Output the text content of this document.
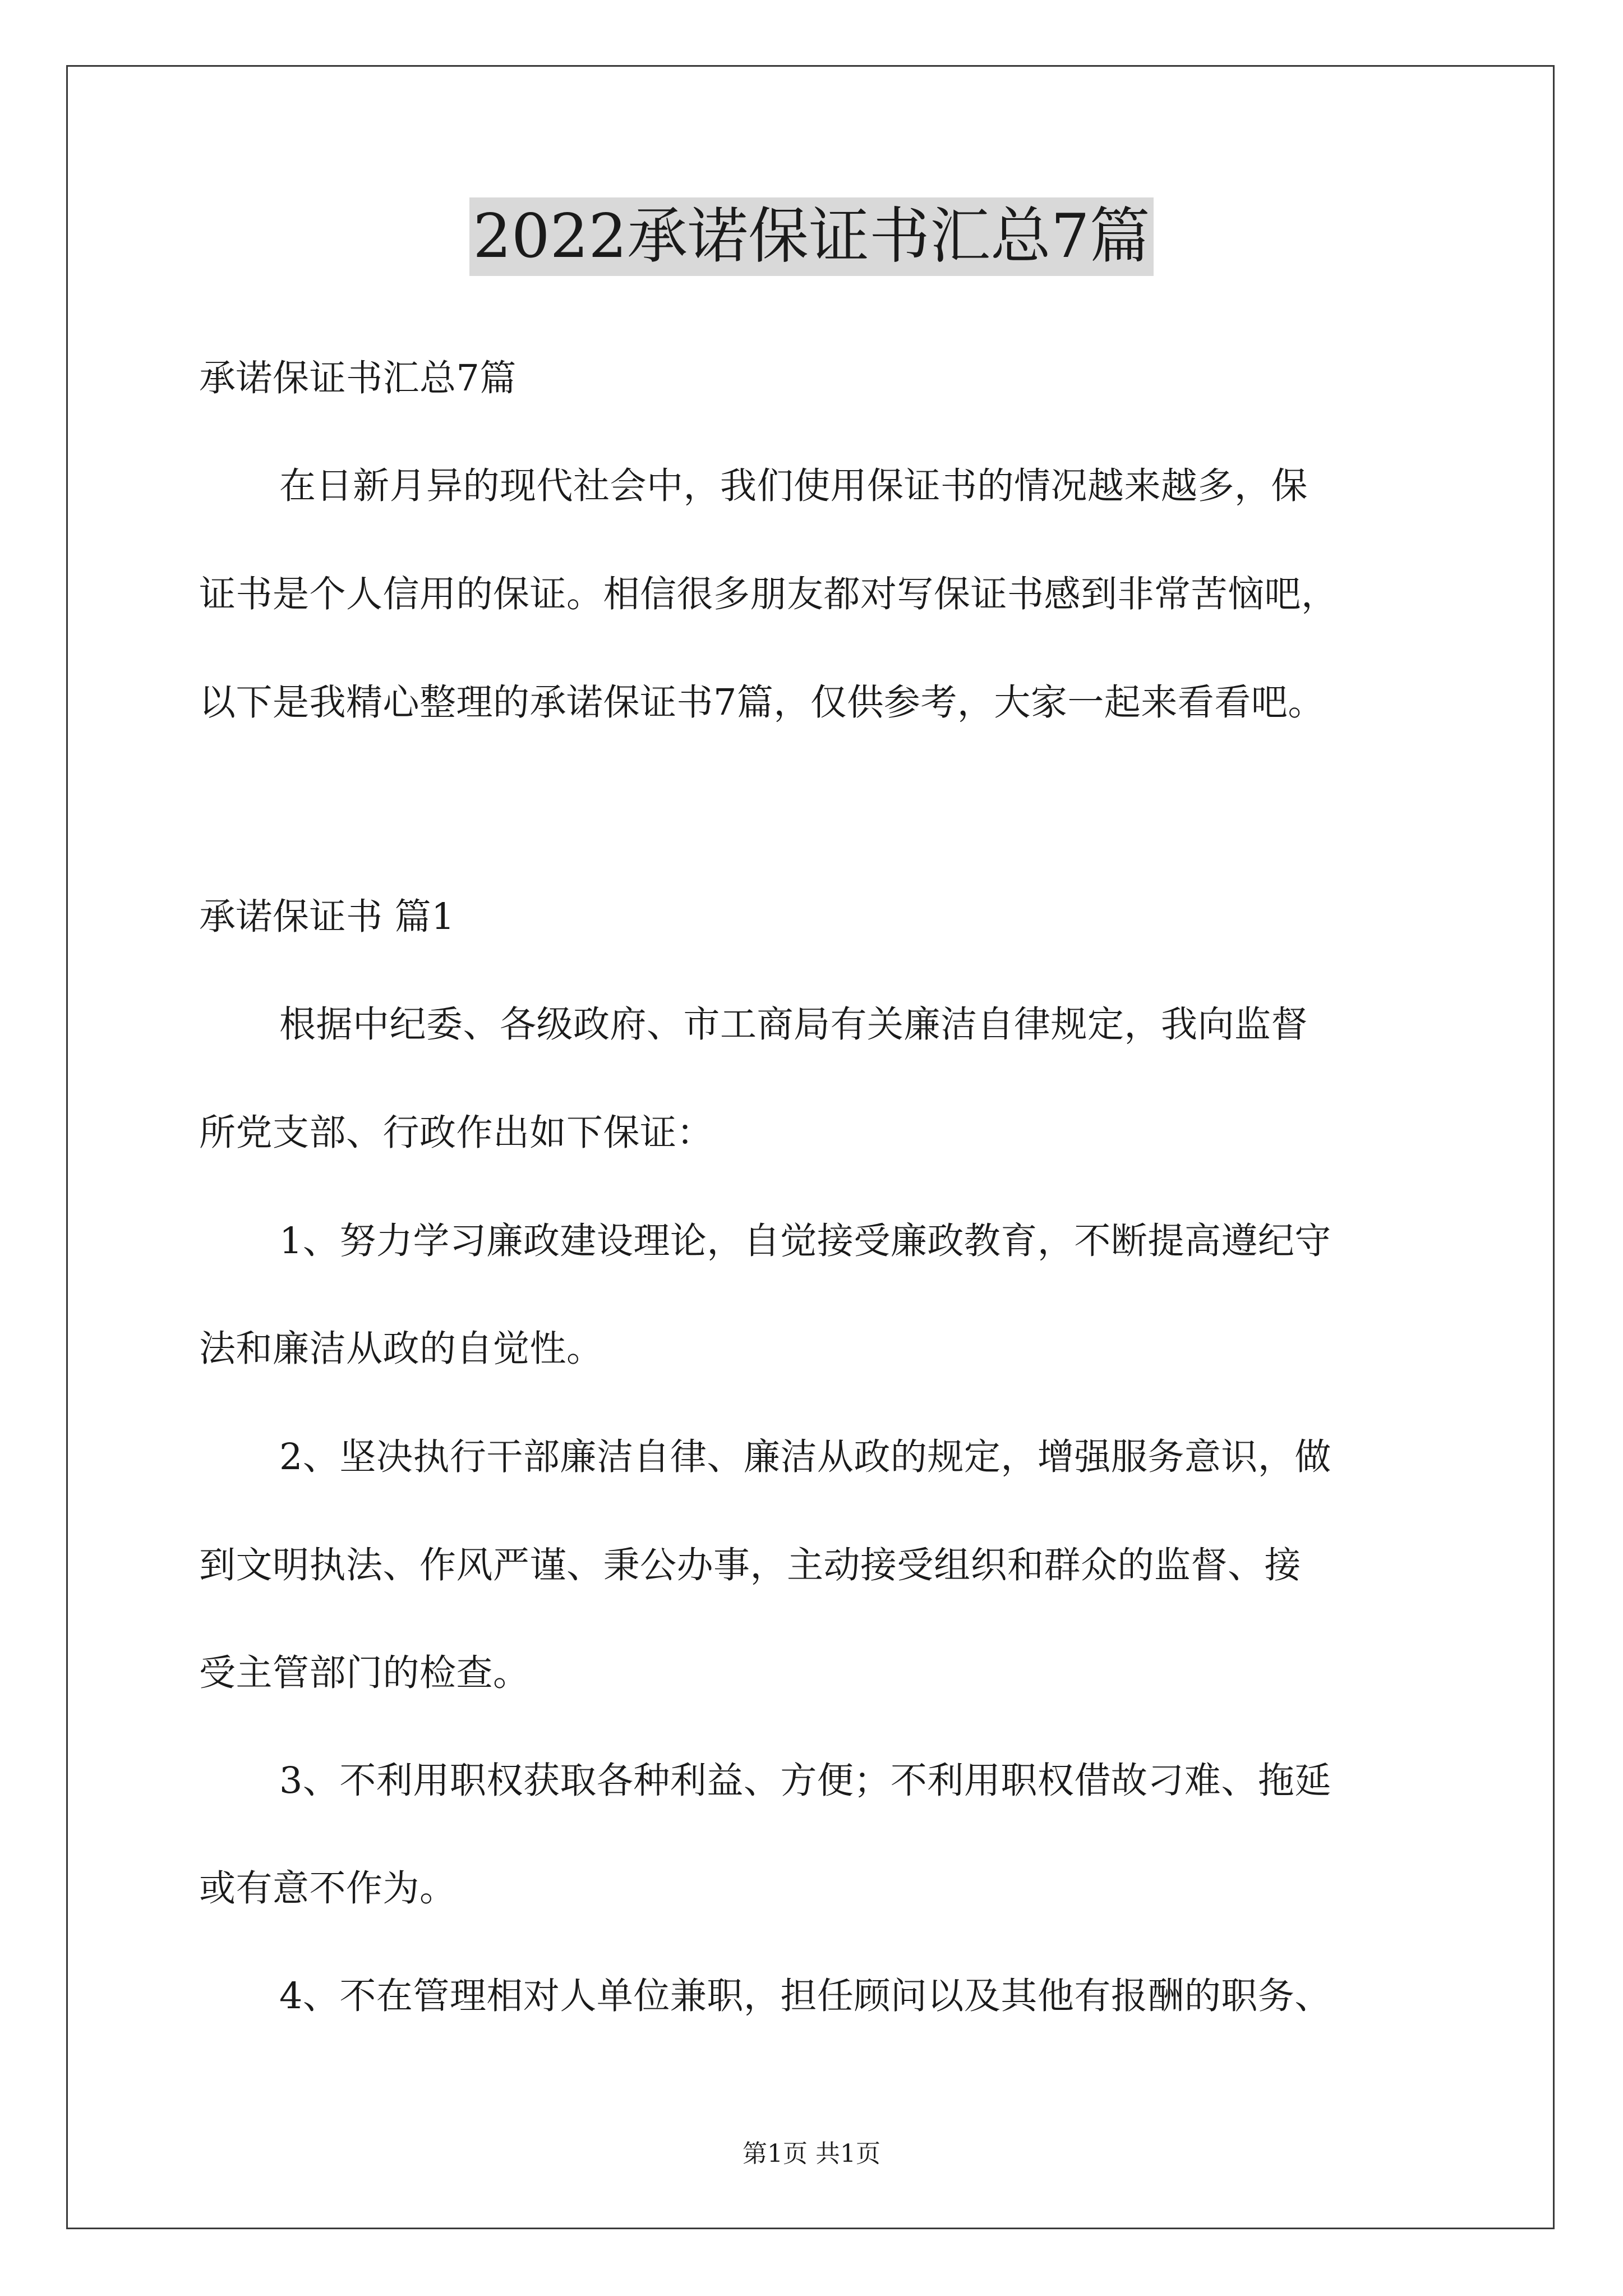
2022承诺保证书汇总7篇
承诺保证书汇总7篇
在日新月异的现代社会中，我们使用保证书的情况越来越多，保
证书是个人信用的保证。相信很多朋友都对写保证书感到非常苦恼吧，
以下是我精心整理的承诺保证书7篇，仅供参考，大家一起来看看吧。
承诺保证书 篇1
根据中纪委、各级政府、市工商局有关廉洁自律规定，我向监督
所党支部、行政作出如下保证：
1、努力学习廉政建设理论，自觉接受廉政教育，不断提高遵纪守
法和廉洁从政的自觉性。
2、坚决执行干部廉洁自律、廉洁从政的规定，增强服务意识，做
到文明执法、作风严谨、秉公办事，主动接受组织和群众的监督、接
受主管部门的检查。
3、不利用职权获取各种利益、方便；不利用职权借故刁难、拖延
或有意不作为。
4、不在管理相对人单位兼职，担任顾问以及其他有报酬的职务、
第1页 共1页
